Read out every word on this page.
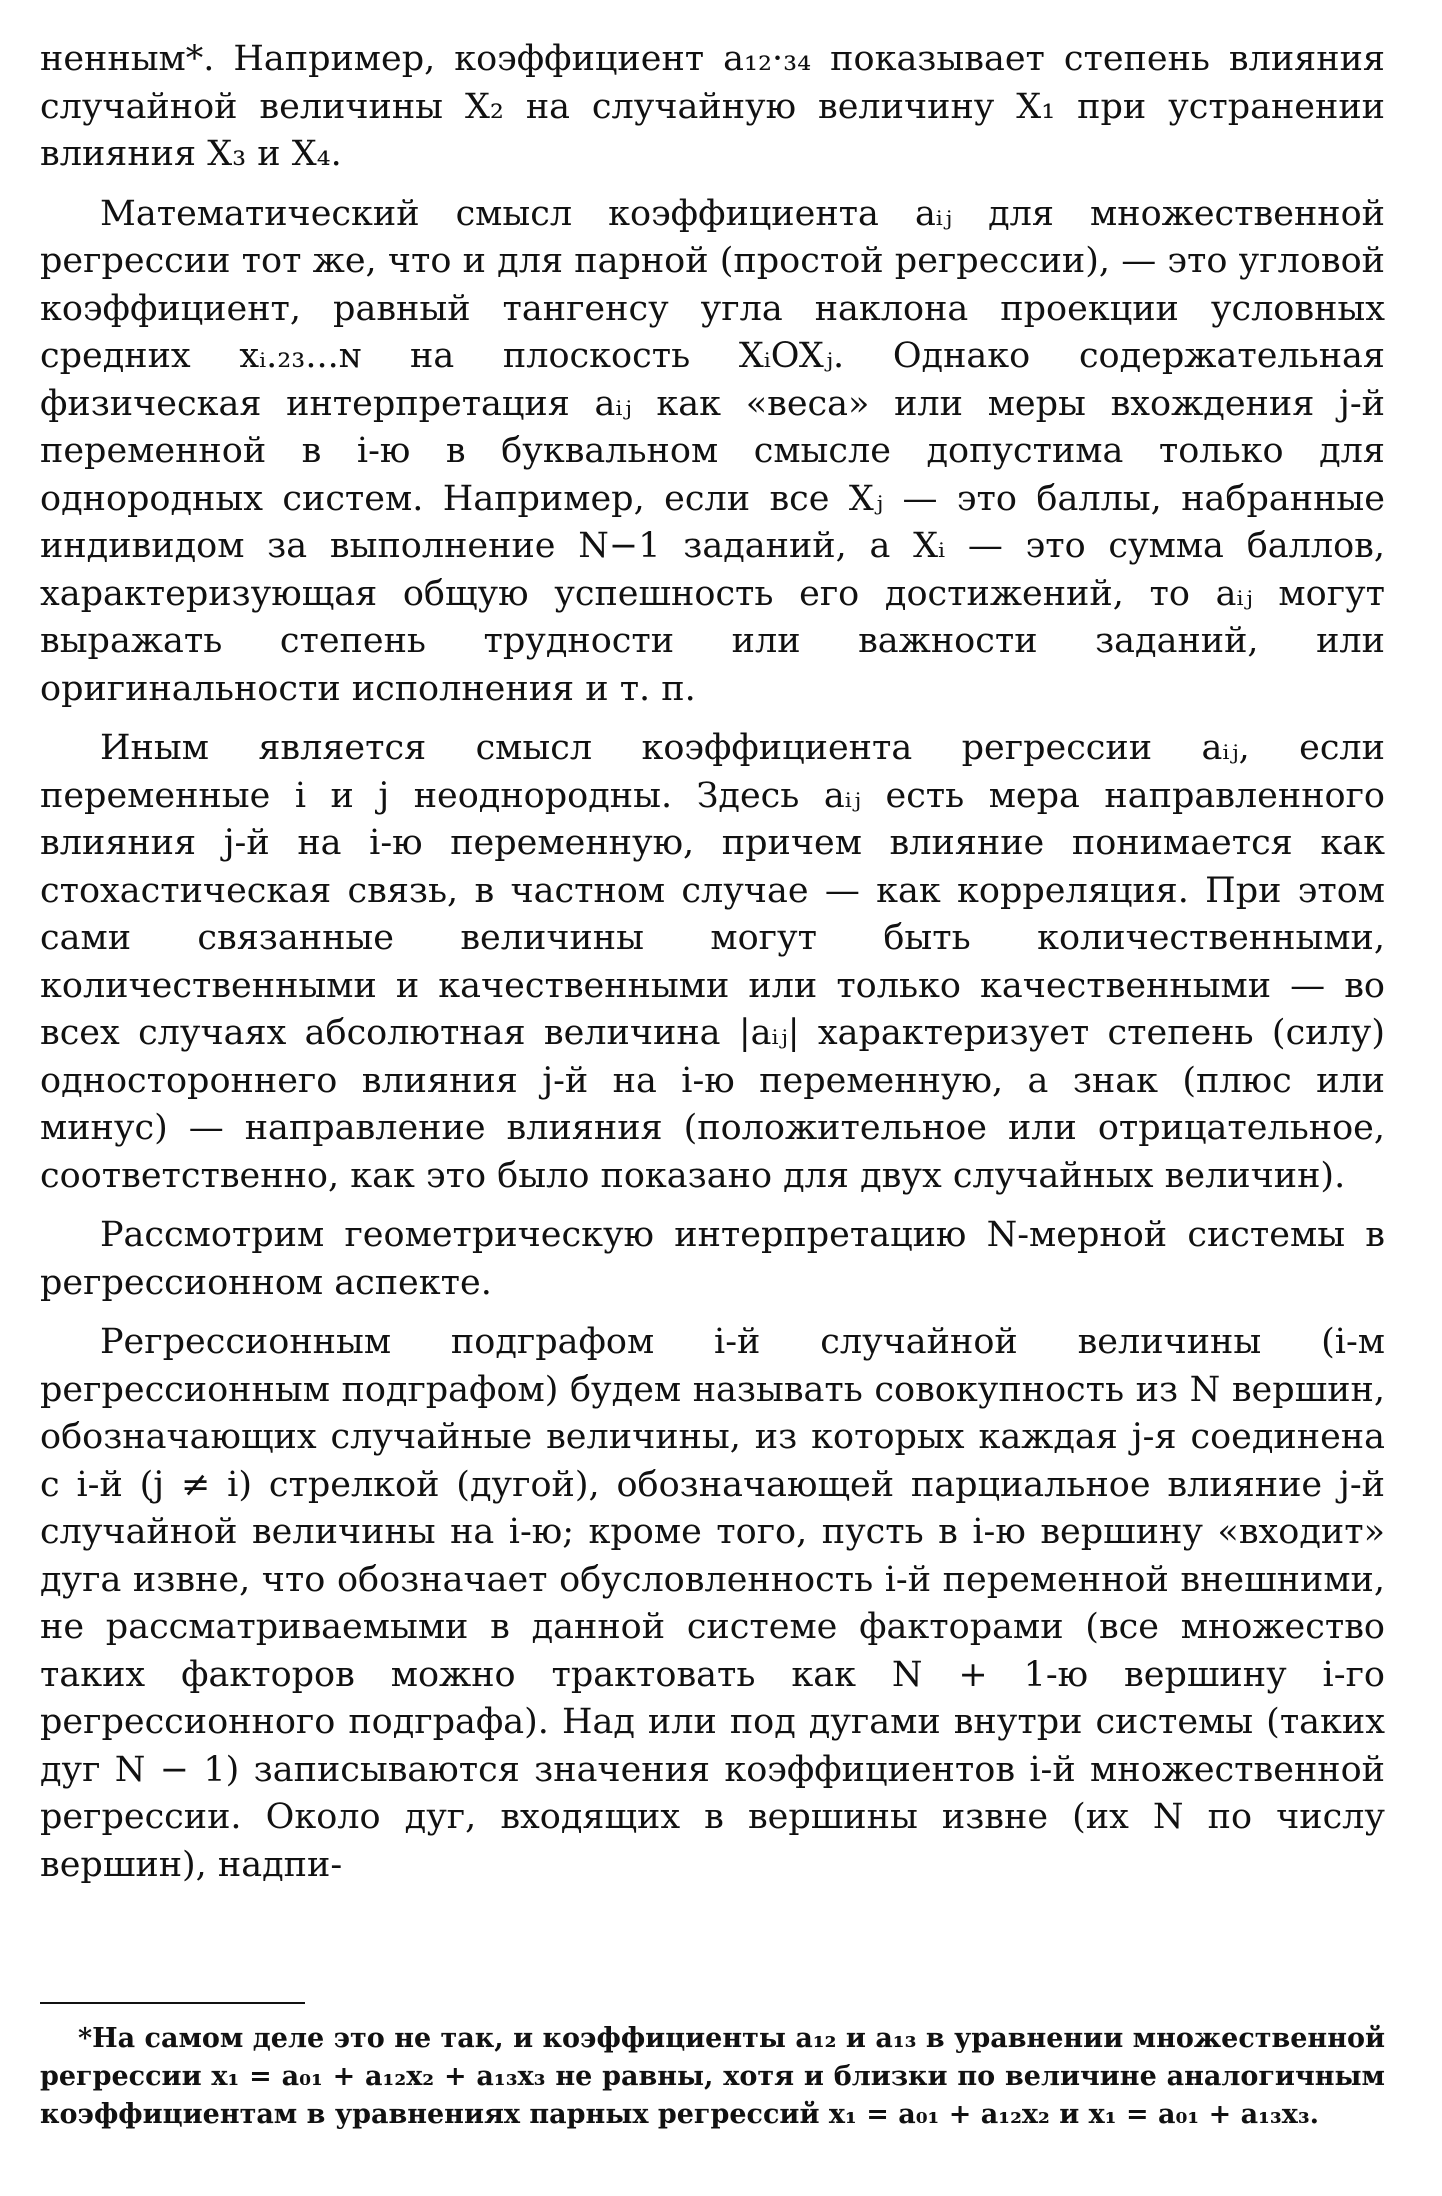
ненным*. Например, коэффициент a₁₂·₃₄ показывает степень влияния случайной величины X₂ на случайную величину X₁ при устранении влияния X₃ и X₄.

Математический смысл коэффициента aᵢⱼ для множественной регрессии тот же, что и для парной (простой регрессии), — это угловой коэффициент, равный тангенсу угла наклона проекции условных средних xᵢ.₂₃...ɴ на плоскость XᵢOXⱼ. Однако содержательная физическая интерпретация aᵢⱼ как «веса» или меры вхождения j-й переменной в i-ю в буквальном смысле допустима только для однородных систем. Например, если все Xⱼ — это баллы, набранные индивидом за выполнение N−1 заданий, а Xᵢ — это сумма баллов, характеризующая общую успешность его достижений, то aᵢⱼ могут выражать степень трудности или важности заданий, или оригинальности исполнения и т. п.

Иным является смысл коэффициента регрессии aᵢⱼ, если переменные i и j неоднородны. Здесь aᵢⱼ есть мера направленного влияния j-й на i-ю переменную, причем влияние понимается как стохастическая связь, в частном случае — как корреляция. При этом сами связанные величины могут быть количественными, количественными и качественными или только качественными — во всех случаях абсолютная величина |aᵢⱼ| характеризует степень (силу) одностороннего влияния j-й на i-ю переменную, а знак (плюс или минус) — направление влияния (положительное или отрицательное, соответственно, как это было показано для двух случайных величин).

Рассмотрим геометрическую интерпретацию N-мерной системы в регрессионном аспекте.

Регрессионным подграфом i-й случайной величины (i-м регрессионным подграфом) будем называть совокупность из N вершин, обозначающих случайные величины, из которых каждая j-я соединена с i-й (j ≠ i) стрелкой (дугой), обозначающей парциальное влияние j-й случайной величины на i-ю; кроме того, пусть в i-ю вершину «входит» дуга извне, что обозначает обусловленность i-й переменной внешними, не рассматриваемыми в данной системе факторами (все множество таких факторов можно трактовать как N + 1-ю вершину i-го регрессионного подграфа). Над или под дугами внутри системы (таких дуг N − 1) записываются значения коэффициентов i-й множественной регрессии. Около дуг, входящих в вершины извне (их N по числу вершин), надпи-

*На самом деле это не так, и коэффициенты a₁₂ и a₁₃ в уравнении множественной регрессии x₁ = a₀₁ + a₁₂x₂ + a₁₃x₃ не равны, хотя и близки по величине аналогичным коэффициентам в уравнениях парных регрессий x₁ = a₀₁ + a₁₂x₂ и x₁ = a₀₁ + a₁₃x₃.
